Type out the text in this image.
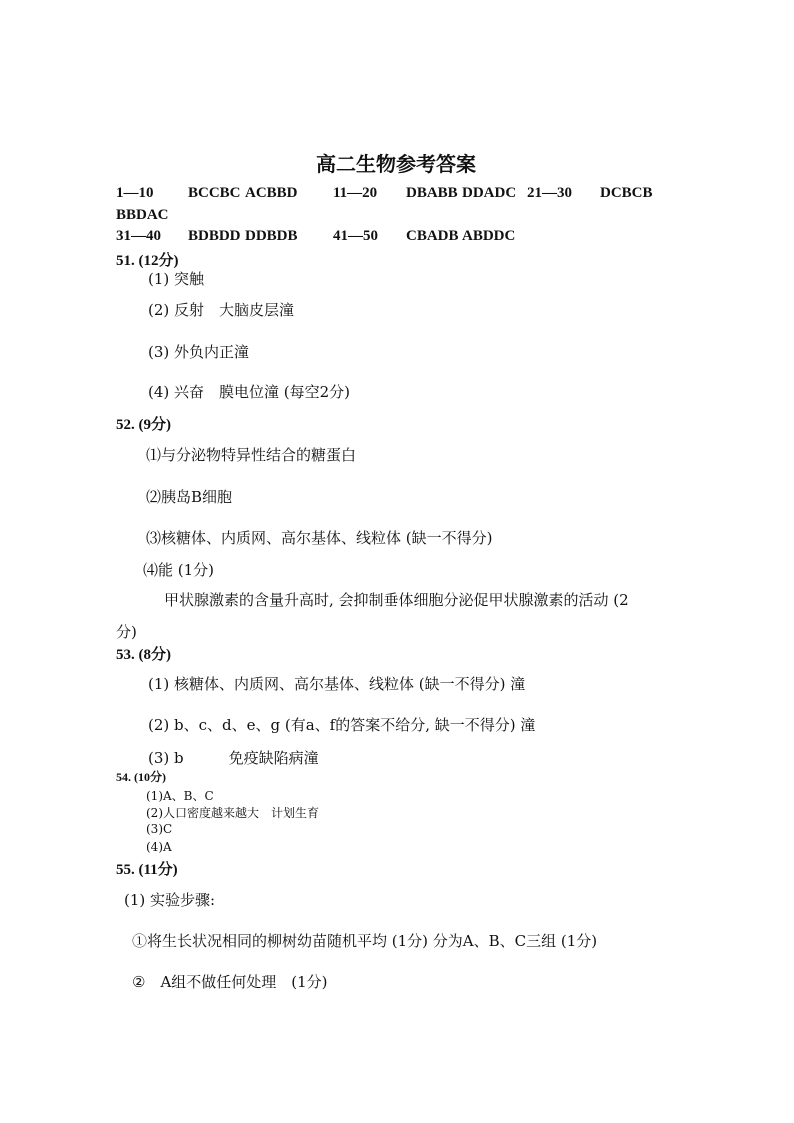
高二生物参考答案
1—10 BCCBC ACBBD 11—20 DBABB DDADC 21—30 DCBCB
BBDAC
31—40 BDBDD DDBDB 41—50 CBADB ABDDC
51. (12分)
(1) 突触
(2) 反射　大脑皮层潼
(3) 外负内正潼
(4) 兴奋　膜电位潼 (每空2分)
52. (9分)
⑴与分泌物特异性结合的糖蛋白
⑵胰岛B细胞
⑶核糖体、内质网、高尔基体、线粒体 (缺一不得分)
⑷能 (1分)
甲状腺激素的含量升高时, 会抑制垂体细胞分泌促甲状腺激素的活动 (2
分)
53. (8分)
(1) 核糖体、内质网、高尔基体、线粒体 (缺一不得分) 潼
(2) b、c、d、e、g (有a、f的答案不给分, 缺一不得分) 潼
(3) b　　　免疫缺陷病潼
54. (10分)
(1)A、B、C
(2)人口密度越来越大　计划生育
(3)C
(4)A
55. (11分)
(1) 实验步骤:
①将生长状况相同的柳树幼苗随机平均 (1分) 分为A、B、C三组 (1分)
②　A组不做任何处理　(1分)
